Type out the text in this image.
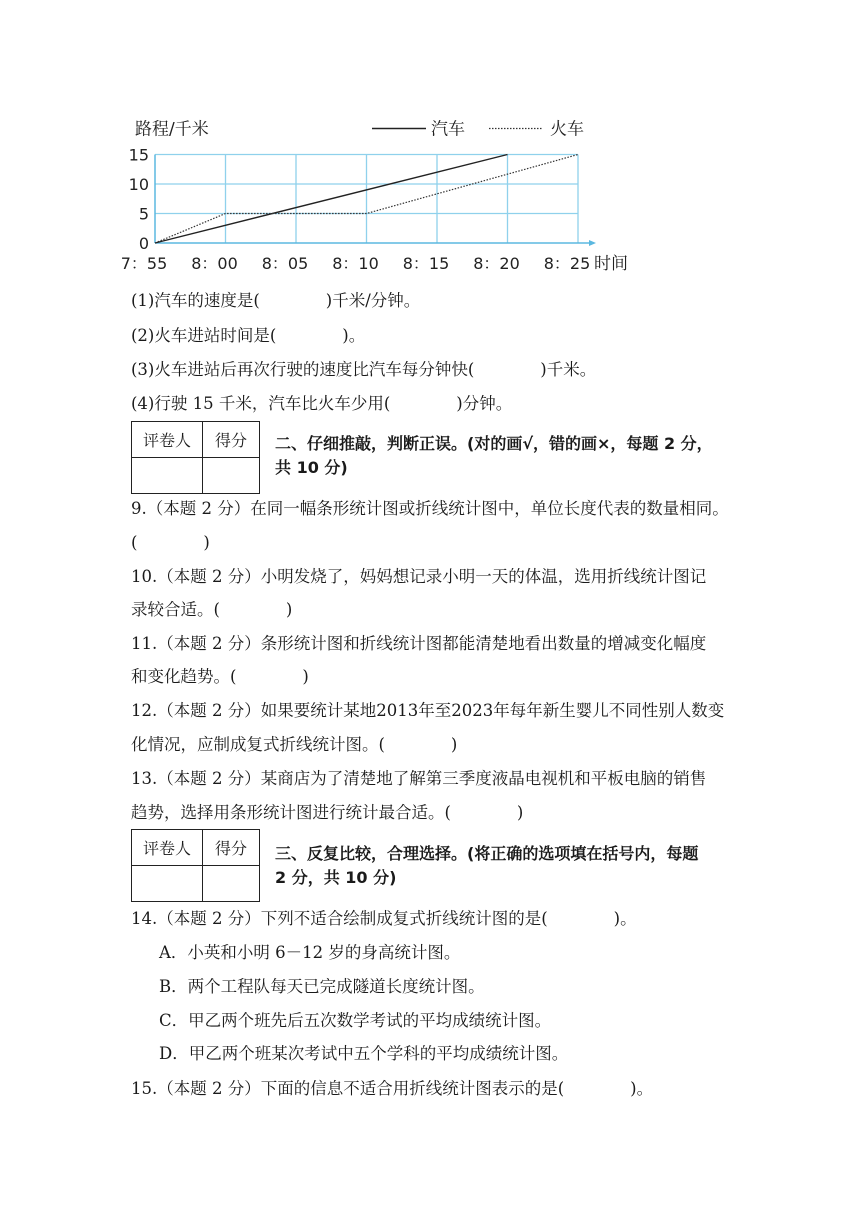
0
5
10
15
7：55 8：00 8：05 8：10 8：15 8：20 8：25
路程/千米
时间
汽车	火车
(1)汽车的速度是(　　　　)千米/分钟。
(2)火车进站时间是(　　　　)。
(3)火车进站后再次行驶的速度比汽车每分钟快(　　　　)千米。
(4)行驶 15 千米，汽车比火车少用(　　　　)分钟。
评卷人	得分
	二、仔细推敲，判断正误。(对的画√，错的画×，每题 2 分，
共 10 分)
9.（本题 2 分）在同一幅条形统计图或折线统计图中，单位长度代表的数量相同。
(　　　　)
10.（本题 2 分）小明发烧了，妈妈想记录小明一天的体温，选用折线统计图记
录较合适。(　　　　)
11.（本题 2 分）条形统计图和折线统计图都能清楚地看出数量的增减变化幅度
和变化趋势。(　　　　)
12.（本题 2 分）如果要统计某地2013年至2023年每年新生婴儿不同性别人数变
化情况，应制成复式折线统计图。(　　　　)
13.（本题 2 分）某商店为了清楚地了解第三季度液晶电视机和平板电脑的销售
趋势，选择用条形统计图进行统计最合适。(　　　　)
评卷人	得分
	三、反复比较，合理选择。(将正确的选项填在括号内，每题
2 分，共 10 分)
14.（本题 2 分）下列不适合绘制成复式折线统计图的是(　　　　)。
A．小英和小明 6－12 岁的身高统计图。
B．两个工程队每天已完成隧道长度统计图。
C．甲乙两个班先后五次数学考试的平均成绩统计图。
D．甲乙两个班某次考试中五个学科的平均成绩统计图。
15.（本题 2 分）下面的信息不适合用折线统计图表示的是(　　　　)。
